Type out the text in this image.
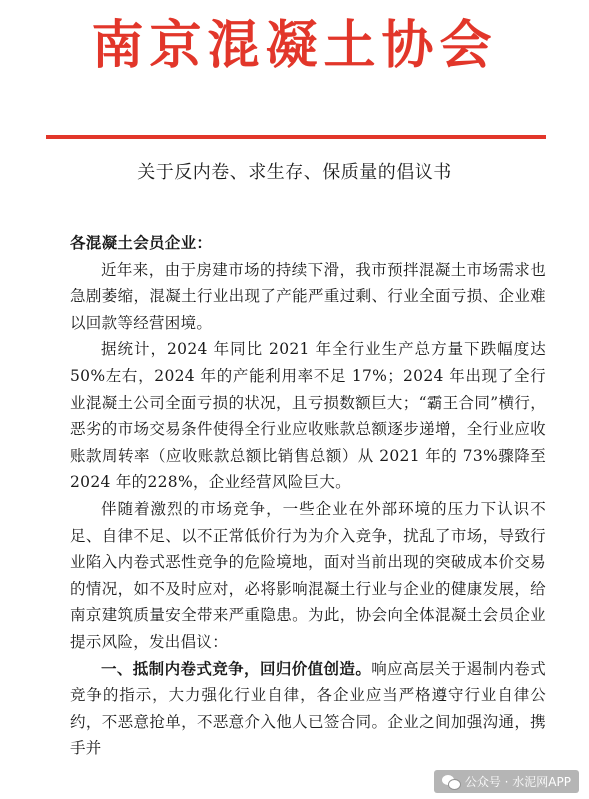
南京混凝土协会
关于反内卷、求生存、保质量的倡议书

各混凝土会员企业：

近年来，由于房建市场的持续下滑，我市预拌混凝土市场需求也急剧萎缩，混凝土行业出现了产能严重过剩、行业全面亏损、企业难以回款等经营困境。

据统计，2024 年同比 2021 年全行业生产总方量下跌幅度达 50%左右，2024 年的产能利用率不足 17%；2024 年出现了全行业混凝土公司全面亏损的状况，且亏损数额巨大；“霸王合同”横行，恶劣的市场交易条件使得全行业应收账款总额逐步递增，全行业应收账款周转率（应收账款总额比销售总额）从 2021 年的 73%骤降至 2024 年的228%，企业经营风险巨大。

伴随着激烈的市场竞争，一些企业在外部环境的压力下认识不足、自律不足、以不正常低价行为为介入竞争，扰乱了市场，导致行业陷入内卷式恶性竞争的危险境地，面对当前出现的突破成本价交易的情况，如不及时应对，必将影响混凝土行业与企业的健康发展，给南京建筑质量安全带来严重隐患。为此，协会向全体混凝土会员企业提示风险，发出倡议：

一、抵制内卷式竞争，回归价值创造。响应高层关于遏制内卷式竞争的指示，大力强化行业自律，各企业应当严格遵守行业自律公约，不恶意抢单，不恶意介入他人已签合同。企业之间加强沟通，携手并

公众号 · 水泥网APP
